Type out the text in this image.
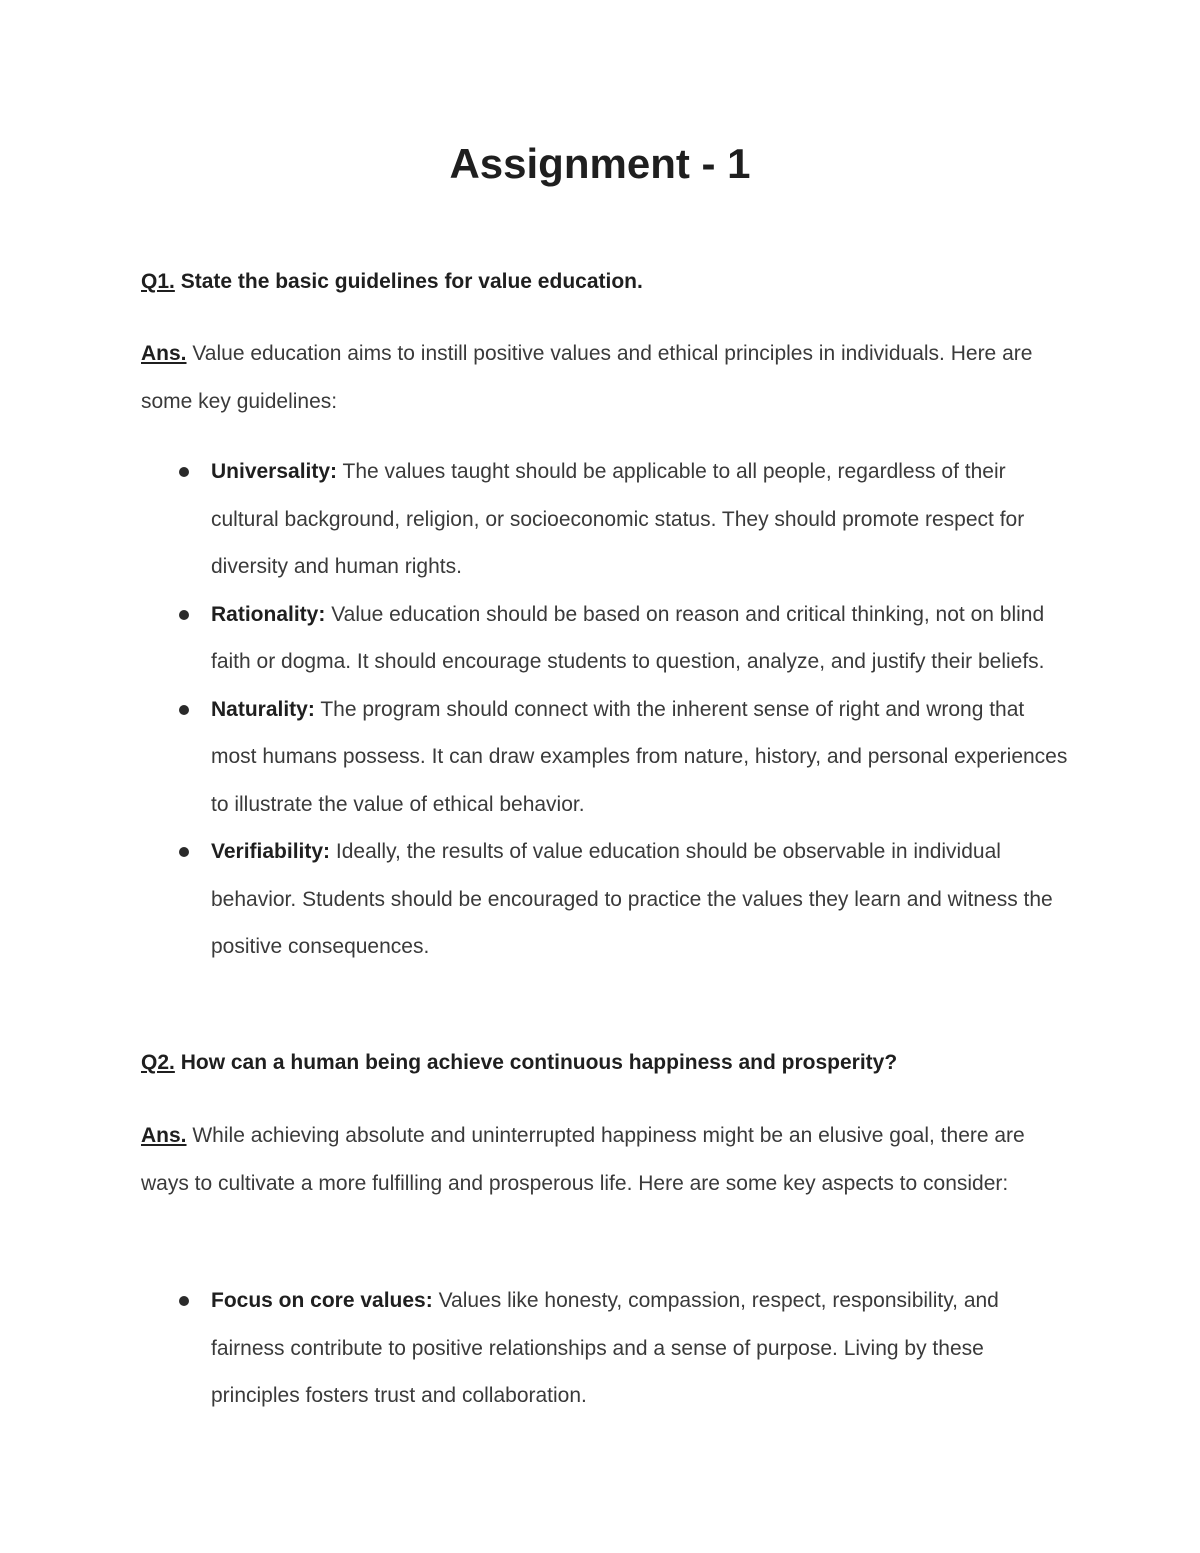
Assignment - 1

Q1. State the basic guidelines for value education.

Ans. Value education aims to instill positive values and ethical principles in individuals. Here are some key guidelines:

Universality: The values taught should be applicable to all people, regardless of their cultural background, religion, or socioeconomic status. They should promote respect for diversity and human rights.
Rationality: Value education should be based on reason and critical thinking, not on blind faith or dogma. It should encourage students to question, analyze, and justify their beliefs.
Naturality: The program should connect with the inherent sense of right and wrong that most humans possess. It can draw examples from nature, history, and personal experiences to illustrate the value of ethical behavior.
Verifiability: Ideally, the results of value education should be observable in individual behavior. Students should be encouraged to practice the values they learn and witness the positive consequences.

Q2. How can a human being achieve continuous happiness and prosperity?

Ans. While achieving absolute and uninterrupted happiness might be an elusive goal, there are ways to cultivate a more fulfilling and prosperous life. Here are some key aspects to consider:

Focus on core values: Values like honesty, compassion, respect, responsibility, and fairness contribute to positive relationships and a sense of purpose. Living by these principles fosters trust and collaboration.
